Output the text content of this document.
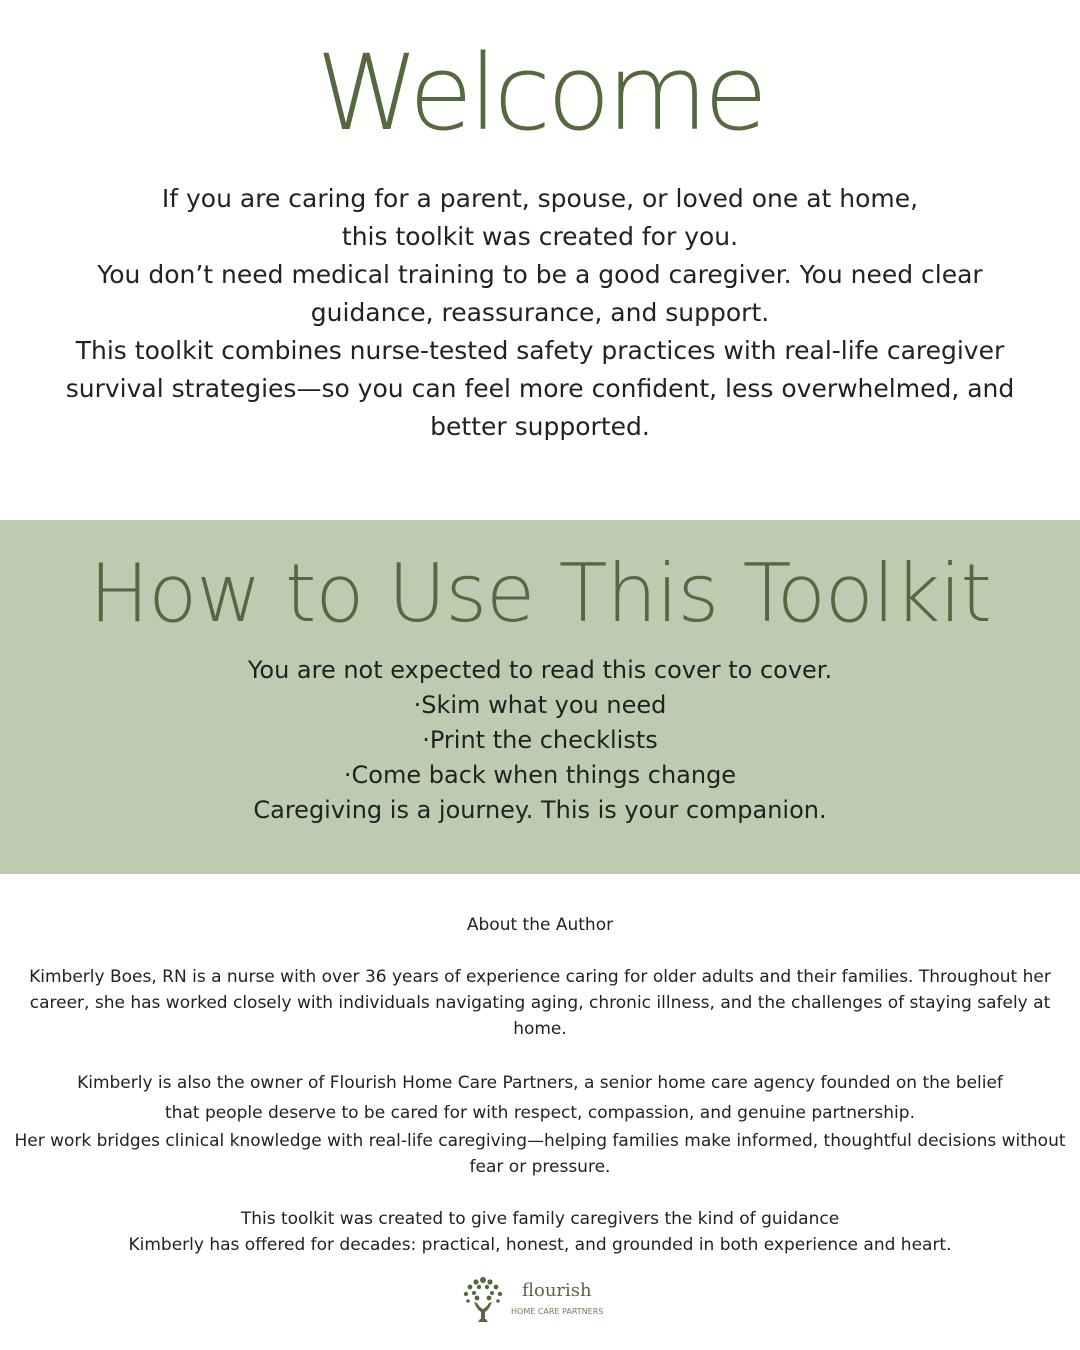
Welcome

If you are caring for a parent, spouse, or loved one at home,

this toolkit was created for you.

You don’t need medical training to be a good caregiver. You need clear guidance, reassurance, and support.

This toolkit combines nurse-tested safety practices with real-life caregiver survival strategies—so you can feel more confident, less overwhelmed, and better supported.

How to Use This Toolkit

You are not expected to read this cover to cover.

·Skim what you need

·Print the checklists

·Come back when things change

Caregiving is a journey. This is your companion.

About the Author

Kimberly Boes, RN is a nurse with over 36 years of experience caring for older adults and their families. Throughout her career, she has worked closely with individuals navigating aging, chronic illness, and the challenges of staying safely at home.

Kimberly is also the owner of Flourish Home Care Partners, a senior home care agency founded on the belief

that people deserve to be cared for with respect, compassion, and genuine partnership.

Her work bridges clinical knowledge with real-life caregiving—helping families make informed, thoughtful decisions without fear or pressure.

This toolkit was created to give family caregivers the kind of guidance

Kimberly has offered for decades: practical, honest, and grounded in both experience and heart.

flourish
HOME CARE PARTNERS
